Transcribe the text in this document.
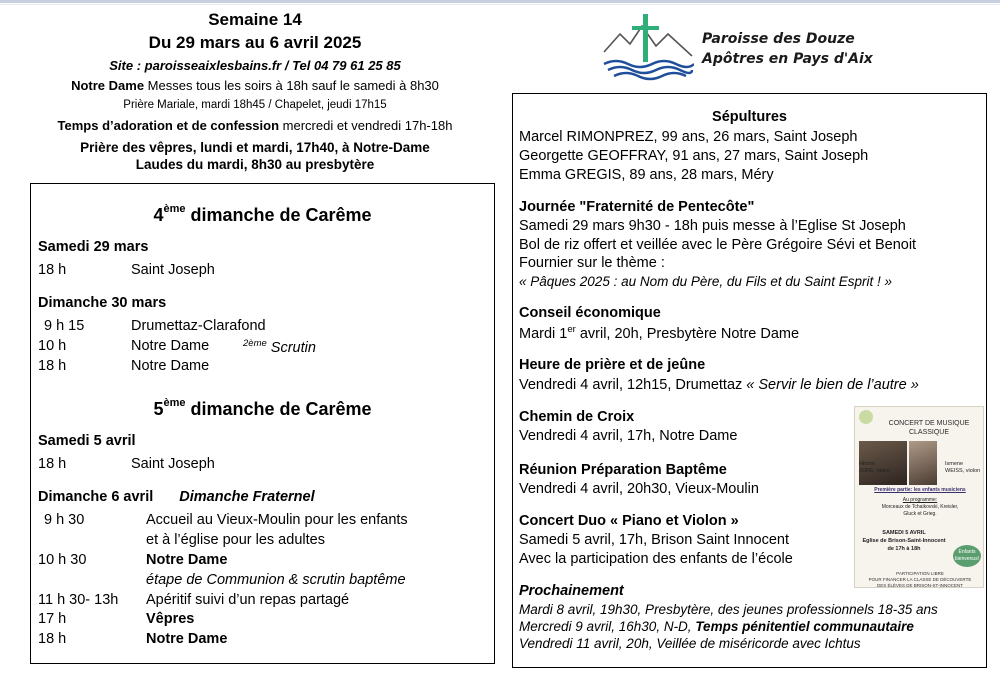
Semaine 14
Du 29 mars au 6 avril 2025
Site : paroisseaixlesbains.fr / Tel 04 79 61 25 85
Notre Dame Messes tous les soirs à 18h sauf le samedi à 8h30
Prière Mariale, mardi 18h45 / Chapelet, jeudi 17h15
Temps d’adoration et de confession mercredi et vendredi 17h-18h
Prière des vêpres, lundi et mardi, 17h40, à Notre-Dame
Laudes du mardi, 8h30 au presbytère
Paroisse des Douze
Apôtres en Pays d'Aix
4ème dimanche de Carême
Samedi 29 mars
18 h	Saint Joseph
Dimanche 30 mars
9 h 15	Drumettaz-Clarafond
10 h	Notre Dame	$^{2ème}$ Scrutin
18 h	Notre Dame
5ème dimanche de Carême
Samedi 5 avril
18 h	Saint Joseph
Dimanche 6 avril Dimanche Fraternel
9 h 30	Accueil au Vieux-Moulin pour les enfants
et à l’église pour les adultes
10 h 30	Notre Dame
étape de Communion & scrutin baptême
11 h 30- 13h Apéritif suivi d’un repas partagé
17 h	Vêpres
18 h	Notre Dame
Sépultures
Marcel RIMONPREZ, 99 ans, 26 mars, Saint Joseph
Georgette GEOFFRAY, 91 ans, 27 mars, Saint Joseph
Emma GREGIS, 89 ans, 28 mars, Méry
Journée "Fraternité de Pentecôte"
Samedi 29 mars 9h30 - 18h puis messe à l’Eglise St Joseph
Bol de riz offert et veillée avec le Père Grégoire Sévi et Benoit
Fournier sur le thème :
« Pâques 2025 : au Nom du Père, du Fils et du Saint Esprit ! »
Conseil économique
Mardi 1er avril, 20h, Presbytère Notre Dame
Heure de prière et de jeûne
Vendredi 4 avril, 12h15, Drumettaz « Servir le bien de l’autre »
Chemin de Croix
Vendredi 4 avril, 17h, Notre Dame
Réunion Préparation Baptême
Vendredi 4 avril, 20h30, Vieux-Moulin
Concert Duo « Piano et Violon »
Samedi 5 avril, 17h, Brison Saint Innocent
Avec la participation des enfants de l’école
Prochainement
Mardi 8 avril, 19h30, Presbytère, des jeunes professionnels 18-35 ans
Mercredi 9 avril, 16h30, N-D, Temps pénitentiel communautaire
Vendredi 11 avril, 20h, Veillée de miséricorde avec Ichtus
CONCERT DE MUSIQUE
CLASSIQUE
Hitomi
JORE, piano
Ismene
WEISS, violon
Première partie: les enfants musiciens
Au programme:
Morceaux de Tchaikovski, Kreisler,
Gluck et Grieg.
SAMEDI 5 AVRIL
Eglise de Brison-Saint-Innocent
de 17h à 18h	Enfants bienvenus!
PARTICIPATION LIBRE
POUR FINANCER LA CLASSE DE DÉCOUVERTE
DES ÉLÈVES DE BRISON-ST-INNOCENT
